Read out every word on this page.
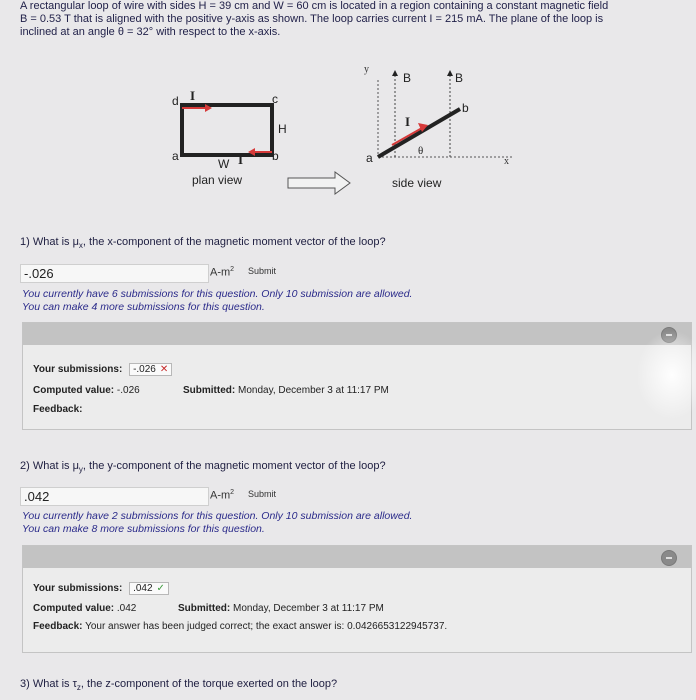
A rectangular loop of wire with sides H = 39 cm and W = 60 cm is located in a region containing a constant magnetic field
B = 0.53 T that is aligned with the positive y-axis as shown. The loop carries current I = 215 mA. The plane of the loop is
inclined at an angle θ = 32° with respect to the x-axis.
d I	c
H
a
W I b
plan view
y
x
B	B
I
θ
a
b
side view
1) What is $\mu_x$, the x-component of the magnetic moment vector of the loop?
-.026	$A-m^2$ Submit
You currently have 6 submissions for this question. Only 10 submission are allowed.
You can make 4 more submissions for this question.
Your submissions: -.026 ✕
Computed value: -.026	Submitted: Monday, December 3 at 11:17 PM
Feedback:
2) What is $\mu_y$, the y-component of the magnetic moment vector of the loop?
.042	$A-m^2$ Submit
You currently have 2 submissions for this question. Only 10 submission are allowed.
You can make 8 more submissions for this question.
Your submissions: .042 ✓
Computed value: .042	Submitted: Monday, December 3 at 11:17 PM
Feedback: Your answer has been judged correct; the exact answer is: 0.0426653122945737.
3) What is $\tau_z$, the z-component of the torque exerted on the loop?
